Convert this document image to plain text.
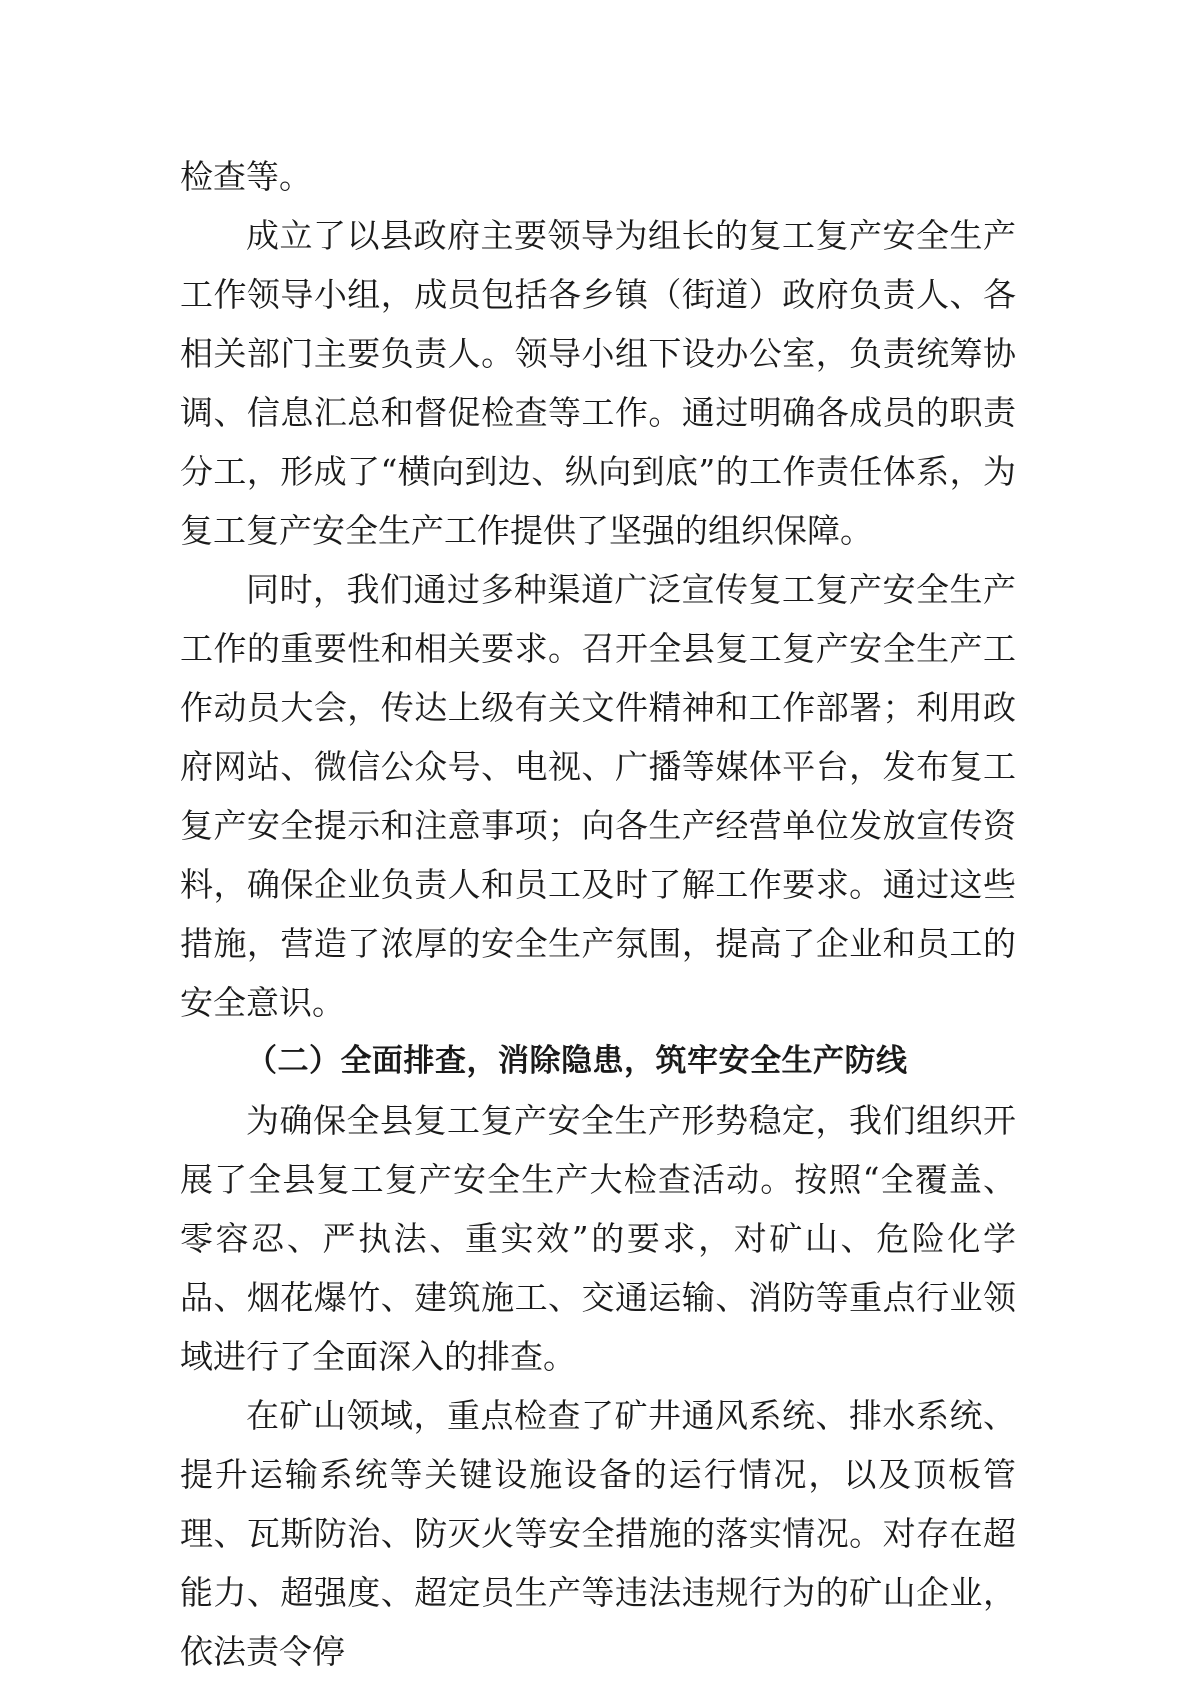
检查等。

成立了以县政府主要领导为组长的复工复产安全生产工作领导小组，成员包括各乡镇（街道）政府负责人、各相关部门主要负责人。领导小组下设办公室，负责统筹协调、信息汇总和督促检查等工作。通过明确各成员的职责分工，形成了“横向到边、纵向到底”的工作责任体系，为复工复产安全生产工作提供了坚强的组织保障。

同时，我们通过多种渠道广泛宣传复工复产安全生产工作的重要性和相关要求。召开全县复工复产安全生产工作动员大会，传达上级有关文件精神和工作部署；利用政府网站、微信公众号、电视、广播等媒体平台，发布复工复产安全提示和注意事项；向各生产经营单位发放宣传资料，确保企业负责人和员工及时了解工作要求。通过这些措施，营造了浓厚的安全生产氛围，提高了企业和员工的安全意识。

（二）全面排查，消除隐患，筑牢安全生产防线

为确保全县复工复产安全生产形势稳定，我们组织开展了全县复工复产安全生产大检查活动。按照“全覆盖、零容忍、严执法、重实效”的要求，对矿山、危险化学品、烟花爆竹、建筑施工、交通运输、消防等重点行业领域进行了全面深入的排查。

在矿山领域，重点检查了矿井通风系统、排水系统、提升运输系统等关键设施设备的运行情况，以及顶板管理、瓦斯防治、防灭火等安全措施的落实情况。对存在超能力、超强度、超定员生产等违法违规行为的矿山企业，依法责令停
